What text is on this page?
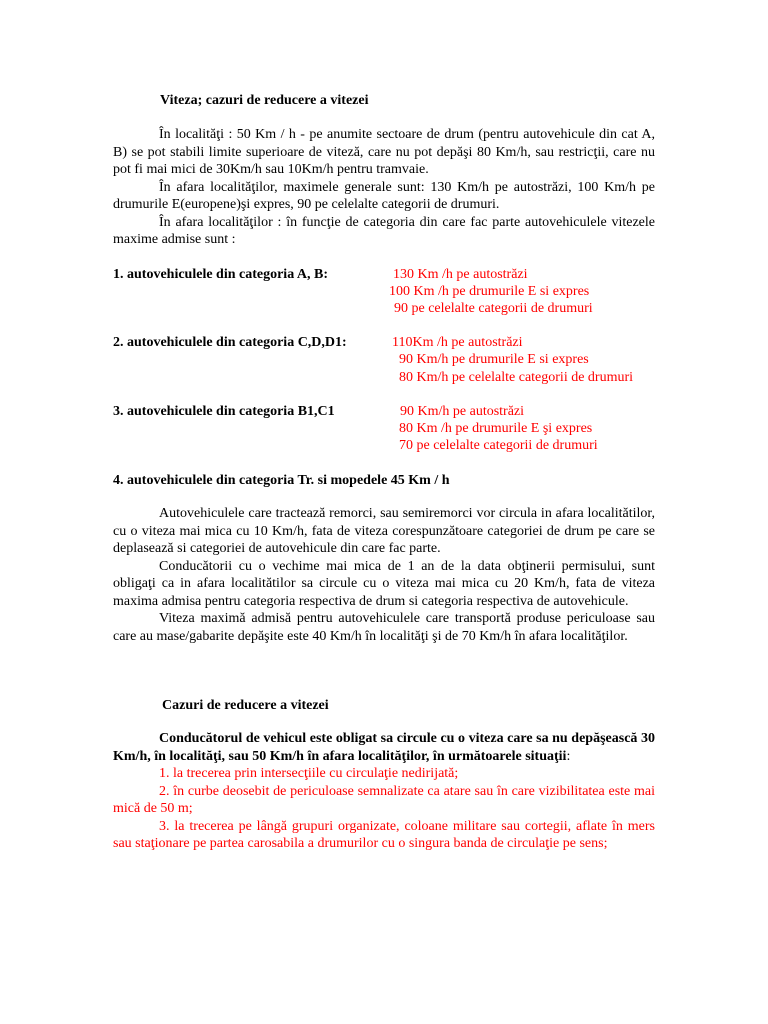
Viteza; cazuri de reducere a vitezei

În localităţi : 50 Km / h - pe anumite sectoare de drum (pentru autovehicule din cat A, B) se pot stabili limite superioare de viteză, care nu pot depăşi 80 Km/h, sau restricţii, care nu pot fi mai mici de 30Km/h sau 10Km/h pentru tramvaie.

În afara localităţilor, maximele generale sunt: 130 Km/h pe autostrăzi, 100 Km/h pe drumurile E(europene)şi expres, 90 pe celelalte categorii de drumuri.

În afara localităţilor : în funcţie de categoria din care fac parte autovehiculele vitezele maxime admise sunt :

1. autovehiculele din categoria A, B:	130 Km /h pe autostrăzi
100 Km /h pe drumurile E si expres
90 pe celelalte categorii de drumuri
2. autovehiculele din categoria C,D,D1:	110Km /h pe autostrăzi
90 Km/h pe drumurile E si expres
80 Km/h pe celelalte categorii de drumuri
3. autovehiculele din categoria B1,C1	90 Km/h pe autostrăzi
80 Km /h pe drumurile E şi expres
70 pe celelalte categorii de drumuri
4. autovehiculele din categoria Tr. si mopedele 45 Km / h

Autovehiculele care tractează remorci, sau semiremorci vor circula in afara localitătilor, cu o viteza mai mica cu 10 Km/h, fata de viteza corespunzătoare categoriei de drum pe care se deplasează si categoriei de autovehicule din care fac parte.

Conducătorii cu o vechime mai mica de 1 an de la data obţinerii permisului, sunt obligaţi ca in afara localitătilor sa circule cu o viteza mai mica cu 20 Km/h, fata de viteza maxima admisa pentru categoria respectiva de drum si categoria respectiva de autovehicule.

Viteza maximă admisă pentru autovehiculele care transportă produse periculoase sau care au mase/gabarite depăşite este 40 Km/h în localităţi şi de 70 Km/h în afara localităţilor.

Cazuri de reducere a vitezei

Conducătorul de vehicul este obligat sa circule cu o viteza care sa nu depăşească 30 Km/h, în localităţi, sau 50 Km/h în afara localităţilor, în următoarele situaţii:

1. la trecerea prin intersecţiile cu circulaţie nedirijată;

2. în curbe deosebit de periculoase semnalizate ca atare sau în care vizibilitatea este mai mică de 50 m;

3. la trecerea pe lângă grupuri organizate, coloane militare sau cortegii, aflate în mers sau staţionare pe partea carosabila a drumurilor cu o singura banda de circulaţie pe sens;
